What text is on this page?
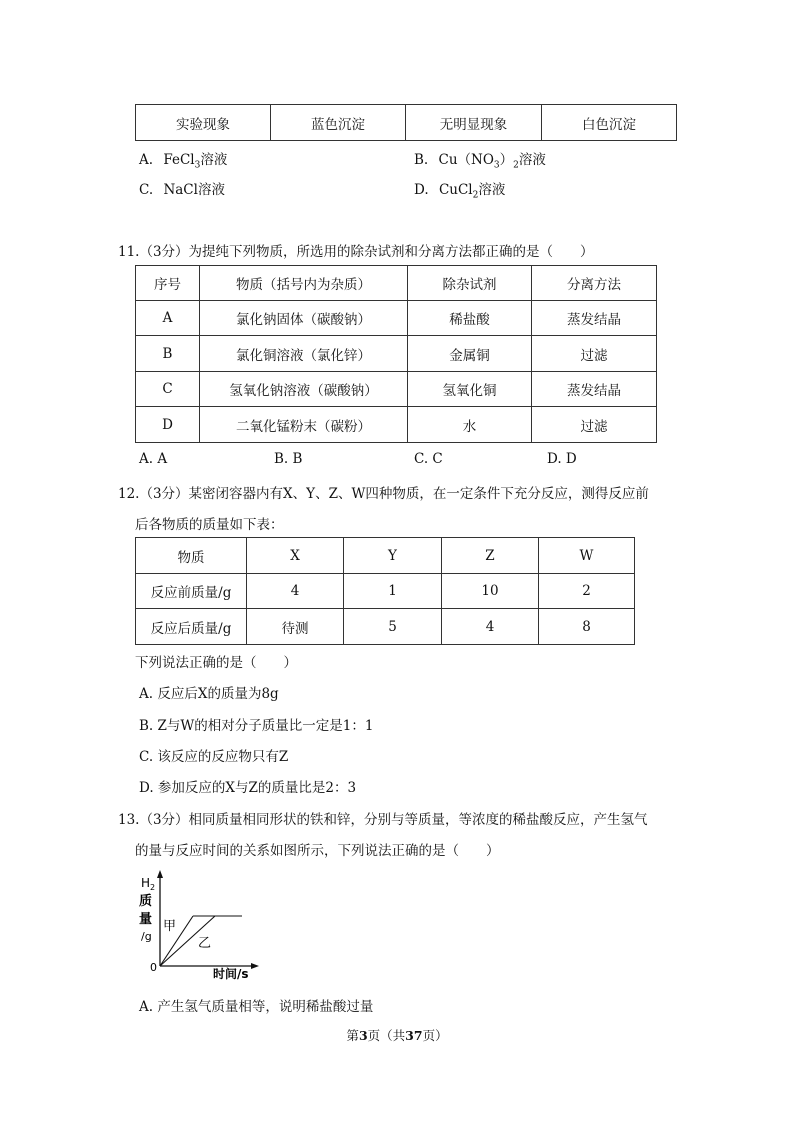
实验现象	蓝色沉淀	无明显现象	白色沉淀
A. FeCl$_3$溶液	B. $Cu(NO_3)_2$溶液
C. NaCl溶液	D. CuCl$_2$溶液
11.（3分）为提纯下列物质，所选用的除杂试剂和分离方法都正确的是（　　）
序号	物质（括号内为杂质）	除杂试剂	分离方法
A	氯化钠固体（碳酸钠）	稀盐酸	蒸发结晶
B	氯化铜溶液（氯化锌）	金属铜	过滤
C	氢氧化钠溶液（碳酸钠）	氢氧化铜	蒸发结晶
D	二氧化锰粉末（碳粉）	水	过滤
A. A	B. B	C. C	D. D
12.（3分）某密闭容器内有X、Y、Z、W四种物质，在一定条件下充分反应，测得反应前
后各物质的质量如下表：
物质	X	Y	Z	W
反应前质量/g	4	1	10	2
反应后质量/g	待测	5	4	8
下列说法正确的是（　　）
A. 反应后X的质量为8g
B. Z与W的相对分子质量比一定是1：1
C. 该反应的反应物只有Z
D. 参加反应的X与Z的质量比是2：3
13.（3分）相同质量相同形状的铁和锌，分别与等质量，等浓度的稀盐酸反应，产生氢气
的量与反应时间的关系如图所示，下列说法正确的是（　　）
$H_2$
质
量
/g
0	时间/s
甲
乙
A. 产生氢气质量相等，说明稀盐酸过量
第3页（共37页）
